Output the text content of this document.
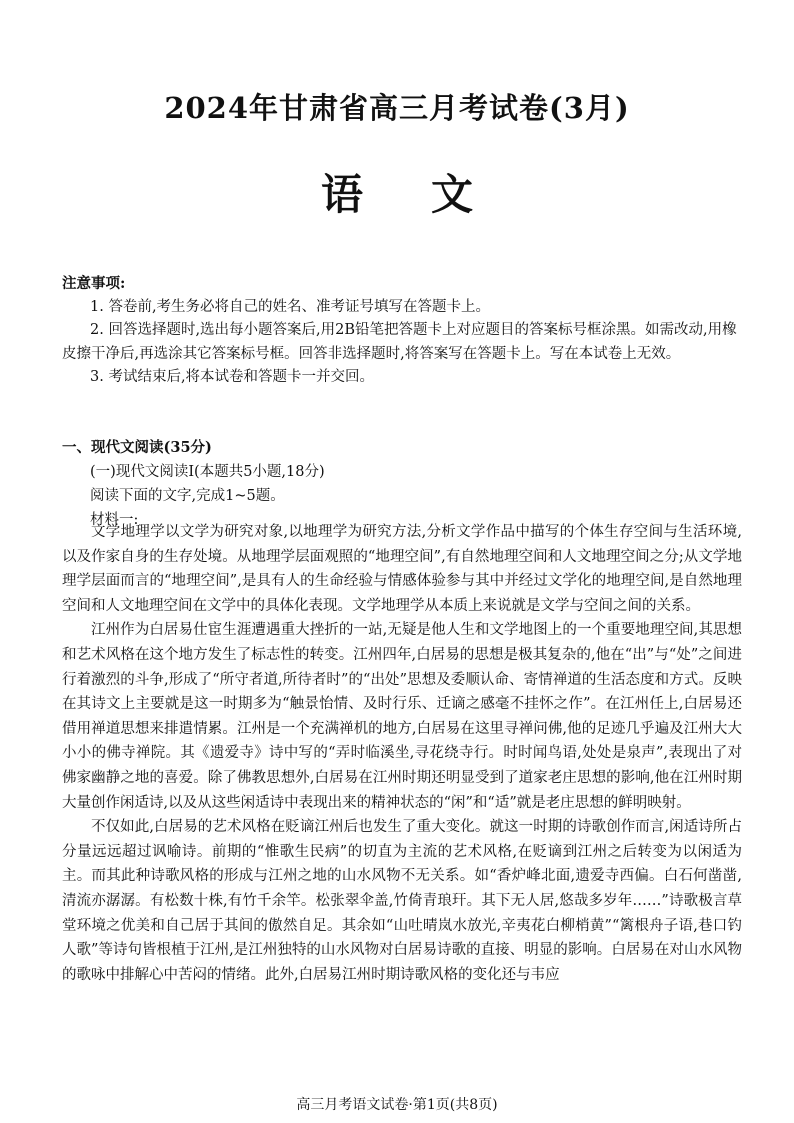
2024年甘肃省高三月考试卷(3月)
语文
注意事项:

1. 答卷前,考生务必将自己的姓名、准考证号填写在答题卡上。

2. 回答选择题时,选出每小题答案后,用2B铅笔把答题卡上对应题目的答案标号框涂黑。如需改动,用橡皮擦干净后,再选涂其它答案标号框。回答非选择题时,将答案写在答题卡上。写在本试卷上无效。

3. 考试结束后,将本试卷和答题卡一并交回。

一、现代文阅读(35分)
(一)现代文阅读Ⅰ(本题共5小题,18分)
阅读下面的文字,完成1~5题。
材料一:

文学地理学以文学为研究对象,以地理学为研究方法,分析文学作品中描写的个体生存空间与生活环境,以及作家自身的生存处境。从地理学层面观照的“地理空间”,有自然地理空间和人文地理空间之分;从文学地理学层面而言的“地理空间”,是具有人的生命经验与情感体验参与其中并经过文学化的地理空间,是自然地理空间和人文地理空间在文学中的具体化表现。文学地理学从本质上来说就是文学与空间之间的关系。

江州作为白居易仕宦生涯遭遇重大挫折的一站,无疑是他人生和文学地图上的一个重要地理空间,其思想和艺术风格在这个地方发生了标志性的转变。江州四年,白居易的思想是极其复杂的,他在“出”与“处”之间进行着激烈的斗争,形成了“所守者道,所待者时”的“出处”思想及委顺认命、寄情禅道的生活态度和方式。反映在其诗文上主要就是这一时期多为“触景怡情、及时行乐、迁谪之感毫不挂怀之作”。在江州任上,白居易还借用禅道思想来排遣情累。江州是一个充满禅机的地方,白居易在这里寻禅问佛,他的足迹几乎遍及江州大大小小的佛寺禅院。其《遗爱寺》诗中写的“弄时临溪坐,寻花绕寺行。时时闻鸟语,处处是泉声”,表现出了对佛家幽静之地的喜爱。除了佛教思想外,白居易在江州时期还明显受到了道家老庄思想的影响,他在江州时期大量创作闲适诗,以及从这些闲适诗中表现出来的精神状态的“闲”和“适”就是老庄思想的鲜明映射。

不仅如此,白居易的艺术风格在贬谪江州后也发生了重大变化。就这一时期的诗歌创作而言,闲适诗所占分量远远超过讽喻诗。前期的“惟歌生民病”的切直为主流的艺术风格,在贬谪到江州之后转变为以闲适为主。而其此种诗歌风格的形成与江州之地的山水风物不无关系。如“香炉峰北面,遗爱寺西偏。白石何凿凿,清流亦潺潺。有松数十株,有竹千余竿。松张翠伞盖,竹倚青琅玕。其下无人居,悠哉多岁年……”诗歌极言草堂环境之优美和自己居于其间的傲然自足。其余如“山吐晴岚水放光,辛夷花白柳梢黄”“篱根舟子语,巷口钓人歌”等诗句皆根植于江州,是江州独特的山水风物对白居易诗歌的直接、明显的影响。白居易在对山水风物的歌咏中排解心中苦闷的情绪。此外,白居易江州时期诗歌风格的变化还与韦应

高三月考语文试卷·第1页(共8页)
